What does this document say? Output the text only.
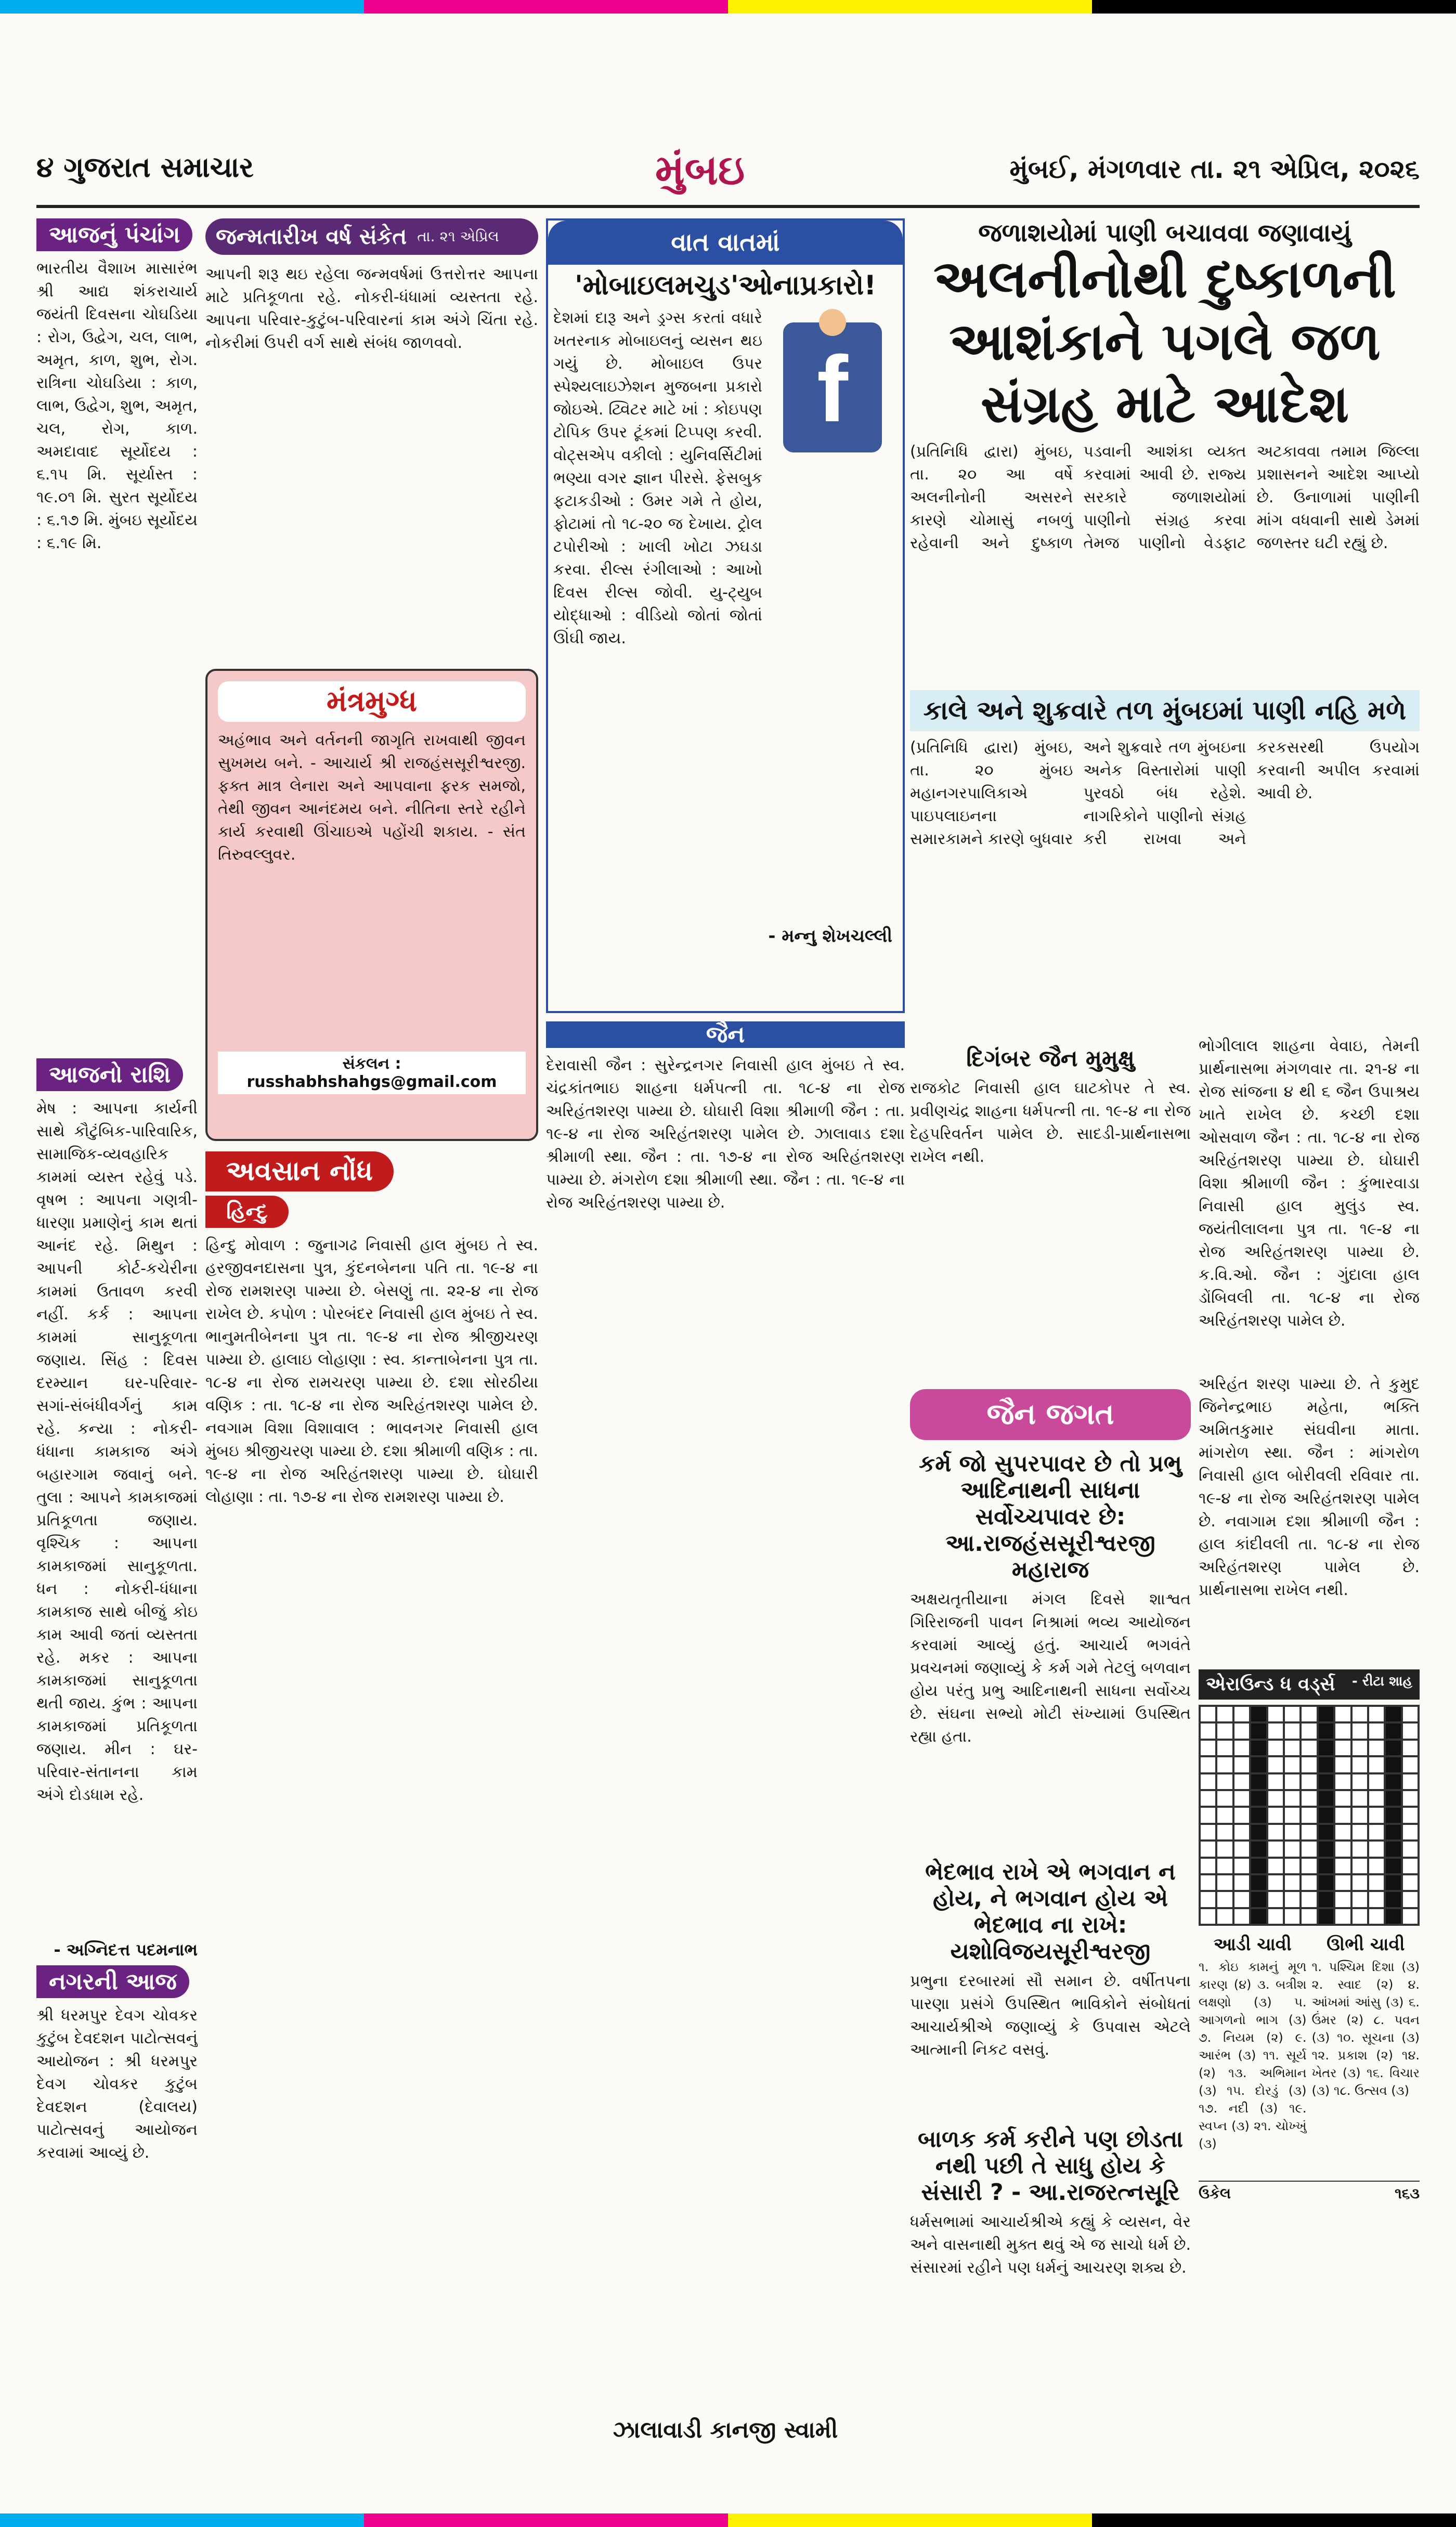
૪ ગુજરાત સમાચાર	મુંબઇ	મુંબઈ, મંગળવાર તા. ૨૧ એપ્રિલ, ૨૦૨૬
આજનું પંચાંગ
ભારતીય વૈશાખ માસારંભ શ્રી આદ્ય શંકરાચાર્ય જયંતી દિવસના ચોઘડિયા : રોગ, ઉદ્વેગ, ચલ, લાભ, અમૃત, કાળ, શુભ, રોગ. રાત્રિના ચોઘડિયા : કાળ, લાભ, ઉદ્વેગ, શુભ, અમૃત, ચલ, રોગ, કાળ. અમદાવાદ સૂર્યોદય : ૬.૧૫ મિ. સૂર્યાસ્ત : ૧૯.૦૧ મિ. સુરત સૂર્યોદય : ૬.૧૭ મિ. મુંબઇ સૂર્યોદય : ૬.૧૯ મિ.
આજનો રાશિ
મેષ : આપના કાર્યની સાથે કૌટુંબિક-પારિવારિક, સામાજિક-વ્યવહારિક કામમાં વ્યસ્ત રહેવું પડે. વૃષભ : આપના ગણત્રી-ધારણા પ્રમાણેનું કામ થતાં આનંદ રહે. મિથુન : આપની કોર્ટ-કચેરીના કામમાં ઉતાવળ કરવી નહીં. કર્ક : આપના કામમાં સાનુકૂળતા જણાય. સિંહ : દિવસ દરમ્યાન ઘર-પરિવાર-સગાં-સંબંધીવર્ગનું કામ રહે. કન્યા : નોકરી-ધંધાના કામકાજ અંગે બહારગામ જવાનું બને. તુલા : આપને કામકાજમાં પ્રતિકૂળતા જણાય. વૃશ્ચિક : આપના કામકાજમાં સાનુકૂળતા. ધન : નોકરી-ધંધાના કામકાજ સાથે બીજું કોઇ કામ આવી જતાં વ્યસ્તતા રહે. મકર : આપના કામકાજમાં સાનુકૂળતા થતી જાય. કુંભ : આપના કામકાજમાં પ્રતિકૂળતા જણાય. મીન : ઘર-પરિવાર-સંતાનના કામ અંગે દોડધામ રહે.
- અગ્નિદત્ત પદમનાભ
નગરની આજ
શ્રી ધરમપુર દેવગ ચોવકર કુટુંબ દેવદશન પાટોત્સવનું આયોજન : શ્રી ધરમપુર દેવગ ચોવકર કુટુંબ દેવદશન (દેવાલય) પાટોત્સવનું આયોજન કરવામાં આવ્યું છે.
જન્મતારીખ વર્ષ સંકેત તા. ૨૧ એપ્રિલ
આપની શરૂ થઇ રહેલા જન્મવર્ષમાં ઉત્તરોત્તર આપના માટે પ્રતિકૂળતા રહે. નોકરી-ધંધામાં વ્યસ્તતા રહે. આપના પરિવાર-કુટુંબ-પરિવારનાં કામ અંગે ચિંતા રહે. નોકરીમાં ઉપરી વર્ગ સાથે સંબંધ જાળવવો.
મંત્રમુગ્ધ
અહંભાવ અને વર્તનની જાગૃતિ રાખવાથી જીવન સુખમય બને. - આચાર્ય શ્રી રાજહંસસૂરીશ્વરજી. ફક્ત માત્ર લેનારા અને આપવાના ફરક સમજો, તેથી જીવન આનંદમય બને. નીતિના સ્તરે રહીને કાર્ય કરવાથી ઊંચાઇએ પહોંચી શકાય. - સંત તિરુવલ્લુવર.
સંકલન : russhabhshahgs@gmail.com
અવસાન નોંધ
હિન્દુ
હિન્દુ મોવાળ : જુનાગઢ નિવાસી હાલ મુંબઇ તે સ્વ. હરજીવનદાસના પુત્ર, કુંદનબેનના પતિ તા. ૧૯-૪ ના રોજ રામશરણ પામ્યા છે. બેસણું તા. ૨૨-૪ ના રોજ રાખેલ છે. કપોળ : પોરબંદર નિવાસી હાલ મુંબઇ તે સ્વ. ભાનુમતીબેનના પુત્ર તા. ૧૯-૪ ના રોજ શ્રીજીચરણ પામ્યા છે. હાલાઇ લોહાણા : સ્વ. કાન્તાબેનના પુત્ર તા. ૧૮-૪ ના રોજ રામચરણ પામ્યા છે. દશા સોરઠીયા વણિક : તા. ૧૮-૪ ના રોજ અરિહંતશરણ પામેલ છે. નવગામ વિશા વિશાવાલ : ભાવનગર નિવાસી હાલ મુંબઇ શ્રીજીચરણ પામ્યા છે. દશા શ્રીમાળી વણિક : તા. ૧૯-૪ ના રોજ અરિહંતશરણ પામ્યા છે. ઘોઘારી લોહાણા : તા. ૧૭-૪ ના રોજ રામશરણ પામ્યા છે.
વાત વાતમાં
'મોબાઇલમચુડ'ઓનાપ્રકારો!
દેશમાં દારૂ અને ડ્રગ્સ કરતાં વધારે ખતરનાક મોબાઇલનું વ્યસન થઇ ગયું છે. મોબાઇલ ઉપર સ્પેશ્યલાઇઝેશન મુજબના પ્રકારો જોઇએ. ટ્વિટર માટે ખાં : કોઇપણ ટોપિક ઉપર ટૂંકમાં ટિપ્પણ કરવી. વોટ્સએપ વકીલો : યુનિવર્સિટીમાં ભણ્યા વગર જ્ઞાન પીરસે. ફેસબુક ફટાકડીઓ : ઉમર ગમે તે હોય, ફોટામાં તો ૧૮-૨૦ જ દેખાય. ટ્રોલ ટપોરીઓ : ખાલી ખોટા ઝઘડા કરવા. રીલ્સ રંગીલાઓ : આખો દિવસ રીલ્સ જોવી. યુ-ટ્યુબ યોદ્ધાઓ : વીડિયો જોતાં જોતાં ઊંઘી જાય.
f
- મન્નુ શેખચલ્લી
જૈન
દેરાવાસી જૈન : સુરેન્દ્રનગર નિવાસી હાલ મુંબઇ તે સ્વ. ચંદ્રકાંતભાઇ શાહના ધર્મપત્ની તા. ૧૮-૪ ના રોજ અરિહંતશરણ પામ્યા છે. ઘોઘારી વિશા શ્રીમાળી જૈન : તા. ૧૯-૪ ના રોજ અરિહંતશરણ પામેલ છે. ઝાલાવાડ દશા શ્રીમાળી સ્થા. જૈન : તા. ૧૭-૪ ના રોજ અરિહંતશરણ પામ્યા છે. મંગરોળ દશા શ્રીમાળી સ્થા. જૈન : તા. ૧૯-૪ ના રોજ અરિહંતશરણ પામ્યા છે.
ઝાલાવાડી કાનજી સ્વામી
જળાશયોમાં પાણી બચાવવા જણાવાયું
અલનીનોથી દુષ્કાળની આશંકાને પગલે જળ સંગ્રહ માટે આદેશ
(પ્રતિનિધિ દ્વારા) મુંબઇ, તા. ૨૦ આ વર્ષે અલનીનોની અસરને કારણે ચોમાસું નબળું રહેવાની અને દુષ્કાળ પડવાની આશંકા વ્યક્ત કરવામાં આવી છે. રાજ્ય સરકારે જળાશયોમાં પાણીનો સંગ્રહ કરવા તેમજ પાણીનો વેડફાટ અટકાવવા તમામ જિલ્લા પ્રશાસનને આદેશ આપ્યો છે. ઉનાળામાં પાણીની માંગ વધવાની સાથે ડેમમાં જળસ્તર ઘટી રહ્યું છે.
કાલે અને શુક્રવારે તળ મુંબઇમાં પાણી નહિ મળે
(પ્રતિનિધિ દ્વારા) મુંબઇ, તા. ૨૦ મુંબઇ મહાનગરપાલિકાએ પાઇપલાઇનના સમારકામને કારણે બુધવાર અને શુક્રવારે તળ મુંબઇના અનેક વિસ્તારોમાં પાણી પુરવઠો બંધ રહેશે. નાગરિકોને પાણીનો સંગ્રહ કરી રાખવા અને કરકસરથી ઉપયોગ કરવાની અપીલ કરવામાં આવી છે.
દિગંબર જૈન મુમુક્ષુ
રાજકોટ નિવાસી હાલ ઘાટકોપર તે સ્વ. પ્રવીણચંદ્ર શાહના ધર્મપત્ની તા. ૧૯-૪ ના રોજ દેહપરિવર્તન પામેલ છે. સાદડી-પ્રાર્થનાસભા રાખેલ નથી.
જૈન જગત
કર્મ જો સુપરપાવર છે તો પ્રભુ આદિનાથની સાધના સર્વોચ્ચપાવર છે: આ.રાજહંસસૂરીશ્વરજી મહારાજ
અક્ષયતૃતીયાના મંગલ દિવસે શાશ્વત ગિરિરાજની પાવન નિશ્રામાં ભવ્ય આયોજન કરવામાં આવ્યું હતું. આચાર્ય ભગવંતે પ્રવચનમાં જણાવ્યું કે કર્મ ગમે તેટલું બળવાન હોય પરંતુ પ્રભુ આદિનાથની સાધના સર્વોચ્ચ છે. સંઘના સભ્યો મોટી સંખ્યામાં ઉપસ્થિત રહ્યા હતા.
ભેદભાવ રાખે એ ભગવાન ન હોય, ને ભગવાન હોય એ ભેદભાવ ના રાખે: યશોવિજયસૂરીશ્વરજી
પ્રભુના દરબારમાં સૌ સમાન છે. વર્ષીતપના પારણા પ્રસંગે ઉપસ્થિત ભાવિકોને સંબોધતાં આચાર્યશ્રીએ જણાવ્યું કે ઉપવાસ એટલે આત્માની નિકટ વસવું.
બાળક કર્મ કરીને પણ છોડતા નથી પછી તે સાધુ હોય કે સંસારી ? - આ.રાજરત્નસૂરિ
ધર્મસભામાં આચાર્યશ્રીએ કહ્યું કે વ્યસન, વેર અને વાસનાથી મુક્ત થવું એ જ સાચો ધર્મ છે. સંસારમાં રહીને પણ ધર્મનું આચરણ શક્ય છે.
ભોગીલાલ શાહના વેવાઇ, તેમની પ્રાર્થનાસભા મંગળવાર તા. ૨૧-૪ ના રોજ સાંજના ૪ થી ૬ જૈન ઉપાશ્રય ખાતે રાખેલ છે. કચ્છી દશા ઓસવાળ જૈન : તા. ૧૮-૪ ના રોજ અરિહંતશરણ પામ્યા છે. ઘોઘારી વિશા શ્રીમાળી જૈન : કુંભારવાડા નિવાસી હાલ મુલુંડ સ્વ. જયંતીલાલના પુત્ર તા. ૧૯-૪ ના રોજ અરિહંતશરણ પામ્યા છે. ક.વિ.ઓ. જૈન : ગુંદાલા હાલ ડોંબિવલી તા. ૧૮-૪ ના રોજ અરિહંતશરણ પામેલ છે.
અરિહંત શરણ પામ્યા છે. તે કુમુદ જિનેન્દ્રભાઇ મહેતા, ભક્તિ અમિતકુમાર સંઘવીના માતા. માંગરોળ સ્થા. જૈન : માંગરોળ નિવાસી હાલ બોરીવલી રવિવાર તા. ૧૯-૪ ના રોજ અરિહંતશરણ પામેલ છે. નવાગામ દશા શ્રીમાળી જૈન : હાલ કાંદીવલી તા. ૧૮-૪ ના રોજ અરિહંતશરણ પામેલ છે. પ્રાર્થનાસભા રાખેલ નથી.
એરાઉન્ડ ધ વર્ડ્સ - રીટા શાહ
આડી ચાવી
૧. કોઇ કામનું મૂળ કારણ (૪) ૩. બત્રીશ લક્ષણો (૩) ૫. આગળનો ભાગ (૩) ૭. નિયમ (૨) ૯. આરંભ (૩) ૧૧. સૂર્ય (૨) ૧૩. અભિમાન (૩) ૧૫. દોરડું (૩) ૧૭. નદી (૩) ૧૯. સ્વપ્ન (૩) ૨૧. ચોખ્ખું (૩)
ઊભી ચાવી
૧. પશ્ચિમ દિશા (૩) ૨. સ્વાદ (૨) ૪. આંખમાં આંસુ (૩) ૬. ઉંમર (૨) ૮. પવન (૩) ૧૦. સૂચના (૩) ૧૨. પ્રકાશ (૨) ૧૪. ખેતર (૩) ૧૬. વિચાર (૩) ૧૮. ઉત્સવ (૩)
ઉકેલ	૧૬૩
